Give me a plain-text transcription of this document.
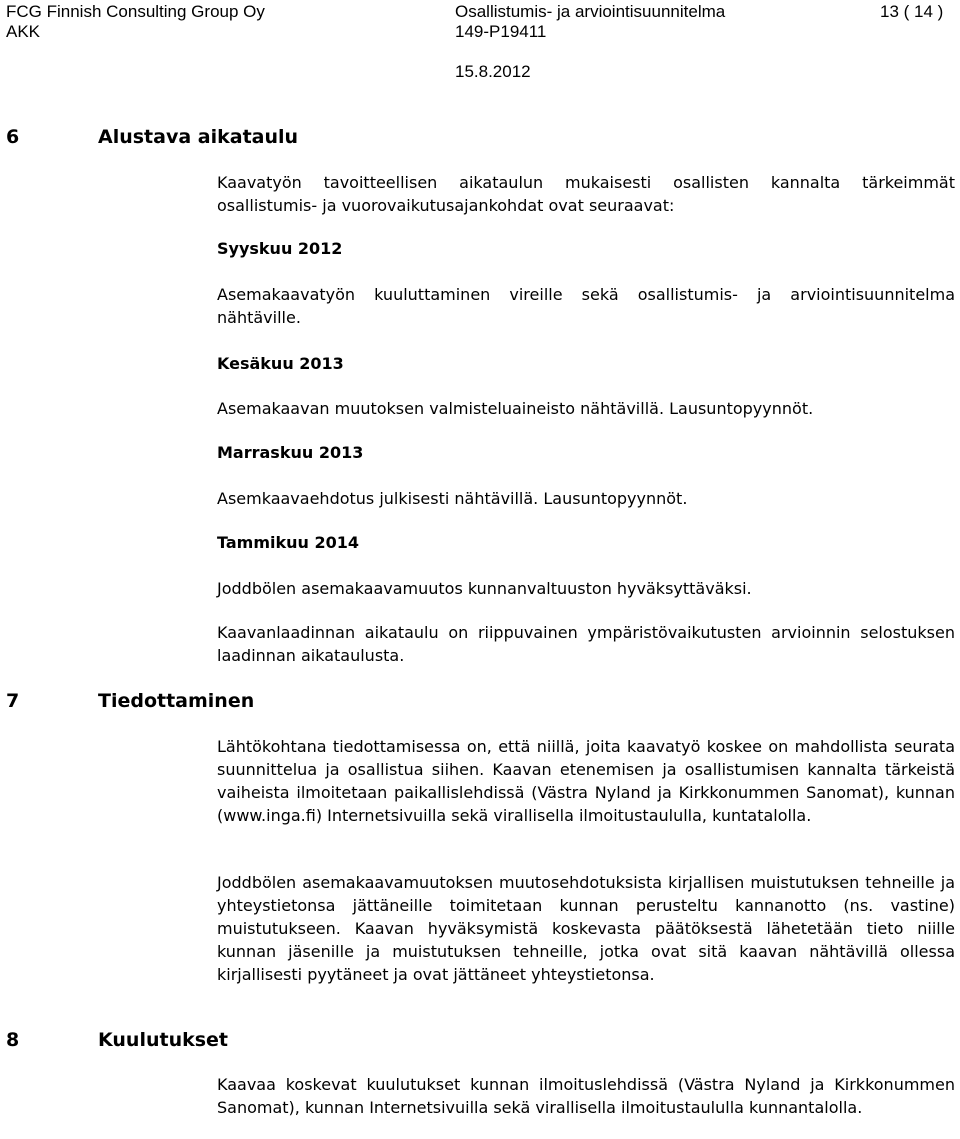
FCG Finnish Consulting Group Oy
AKK
Osallistumis- ja arviointisuunnitelma
149-P19411
13 ( 14 )
15.8.2012
6	Alustava aikataulu

Kaavatyön tavoitteellisen aikataulun mukaisesti osallisten kannalta tärkeimmät osallistumis- ja vuorovaikutusajankohdat ovat seuraavat:

Syyskuu 2012

Asemakaavatyön kuuluttaminen vireille sekä osallistumis- ja arviointisuunnitelma nähtäville.

Kesäkuu 2013

Asemakaavan muutoksen valmisteluaineisto nähtävillä. Lausuntopyynnöt.

Marraskuu 2013

Asemkaavaehdotus julkisesti nähtävillä. Lausuntopyynnöt.

Tammikuu 2014

Joddbölen asemakaavamuutos kunnanvaltuuston hyväksyttäväksi.

Kaavanlaadinnan aikataulu on riippuvainen ympäristövaikutusten arvioinnin selostuksen laadinnan aikataulusta.

7	Tiedottaminen

Lähtökohtana tiedottamisessa on, että niillä, joita kaavatyö koskee on mahdollista seurata suunnittelua ja osallistua siihen. Kaavan etenemisen ja osallistumisen kannalta tärkeistä vaiheista ilmoitetaan paikallislehdissä (Västra Nyland ja Kirkkonummen Sanomat), kunnan (www.inga.fi) Internetsivuilla sekä virallisella ilmoitustaululla, kuntatalolla.

Joddbölen asemakaavamuutoksen muutosehdotuksista kirjallisen muistutuksen tehneille ja yhteystietonsa jättäneille toimitetaan kunnan perusteltu kannanotto (ns. vastine) muistutukseen. Kaavan hyväksymistä koskevasta päätöksestä lähetetään tieto niille kunnan jäsenille ja muistutuksen tehneille, jotka ovat sitä kaavan nähtävillä ollessa kirjallisesti pyytäneet ja ovat jättäneet yhteystietonsa.

8	Kuulutukset

Kaavaa koskevat kuulutukset kunnan ilmoituslehdissä (Västra Nyland ja Kirkkonummen Sanomat), kunnan Internetsivuilla sekä virallisella ilmoitustaululla kunnantalolla.
